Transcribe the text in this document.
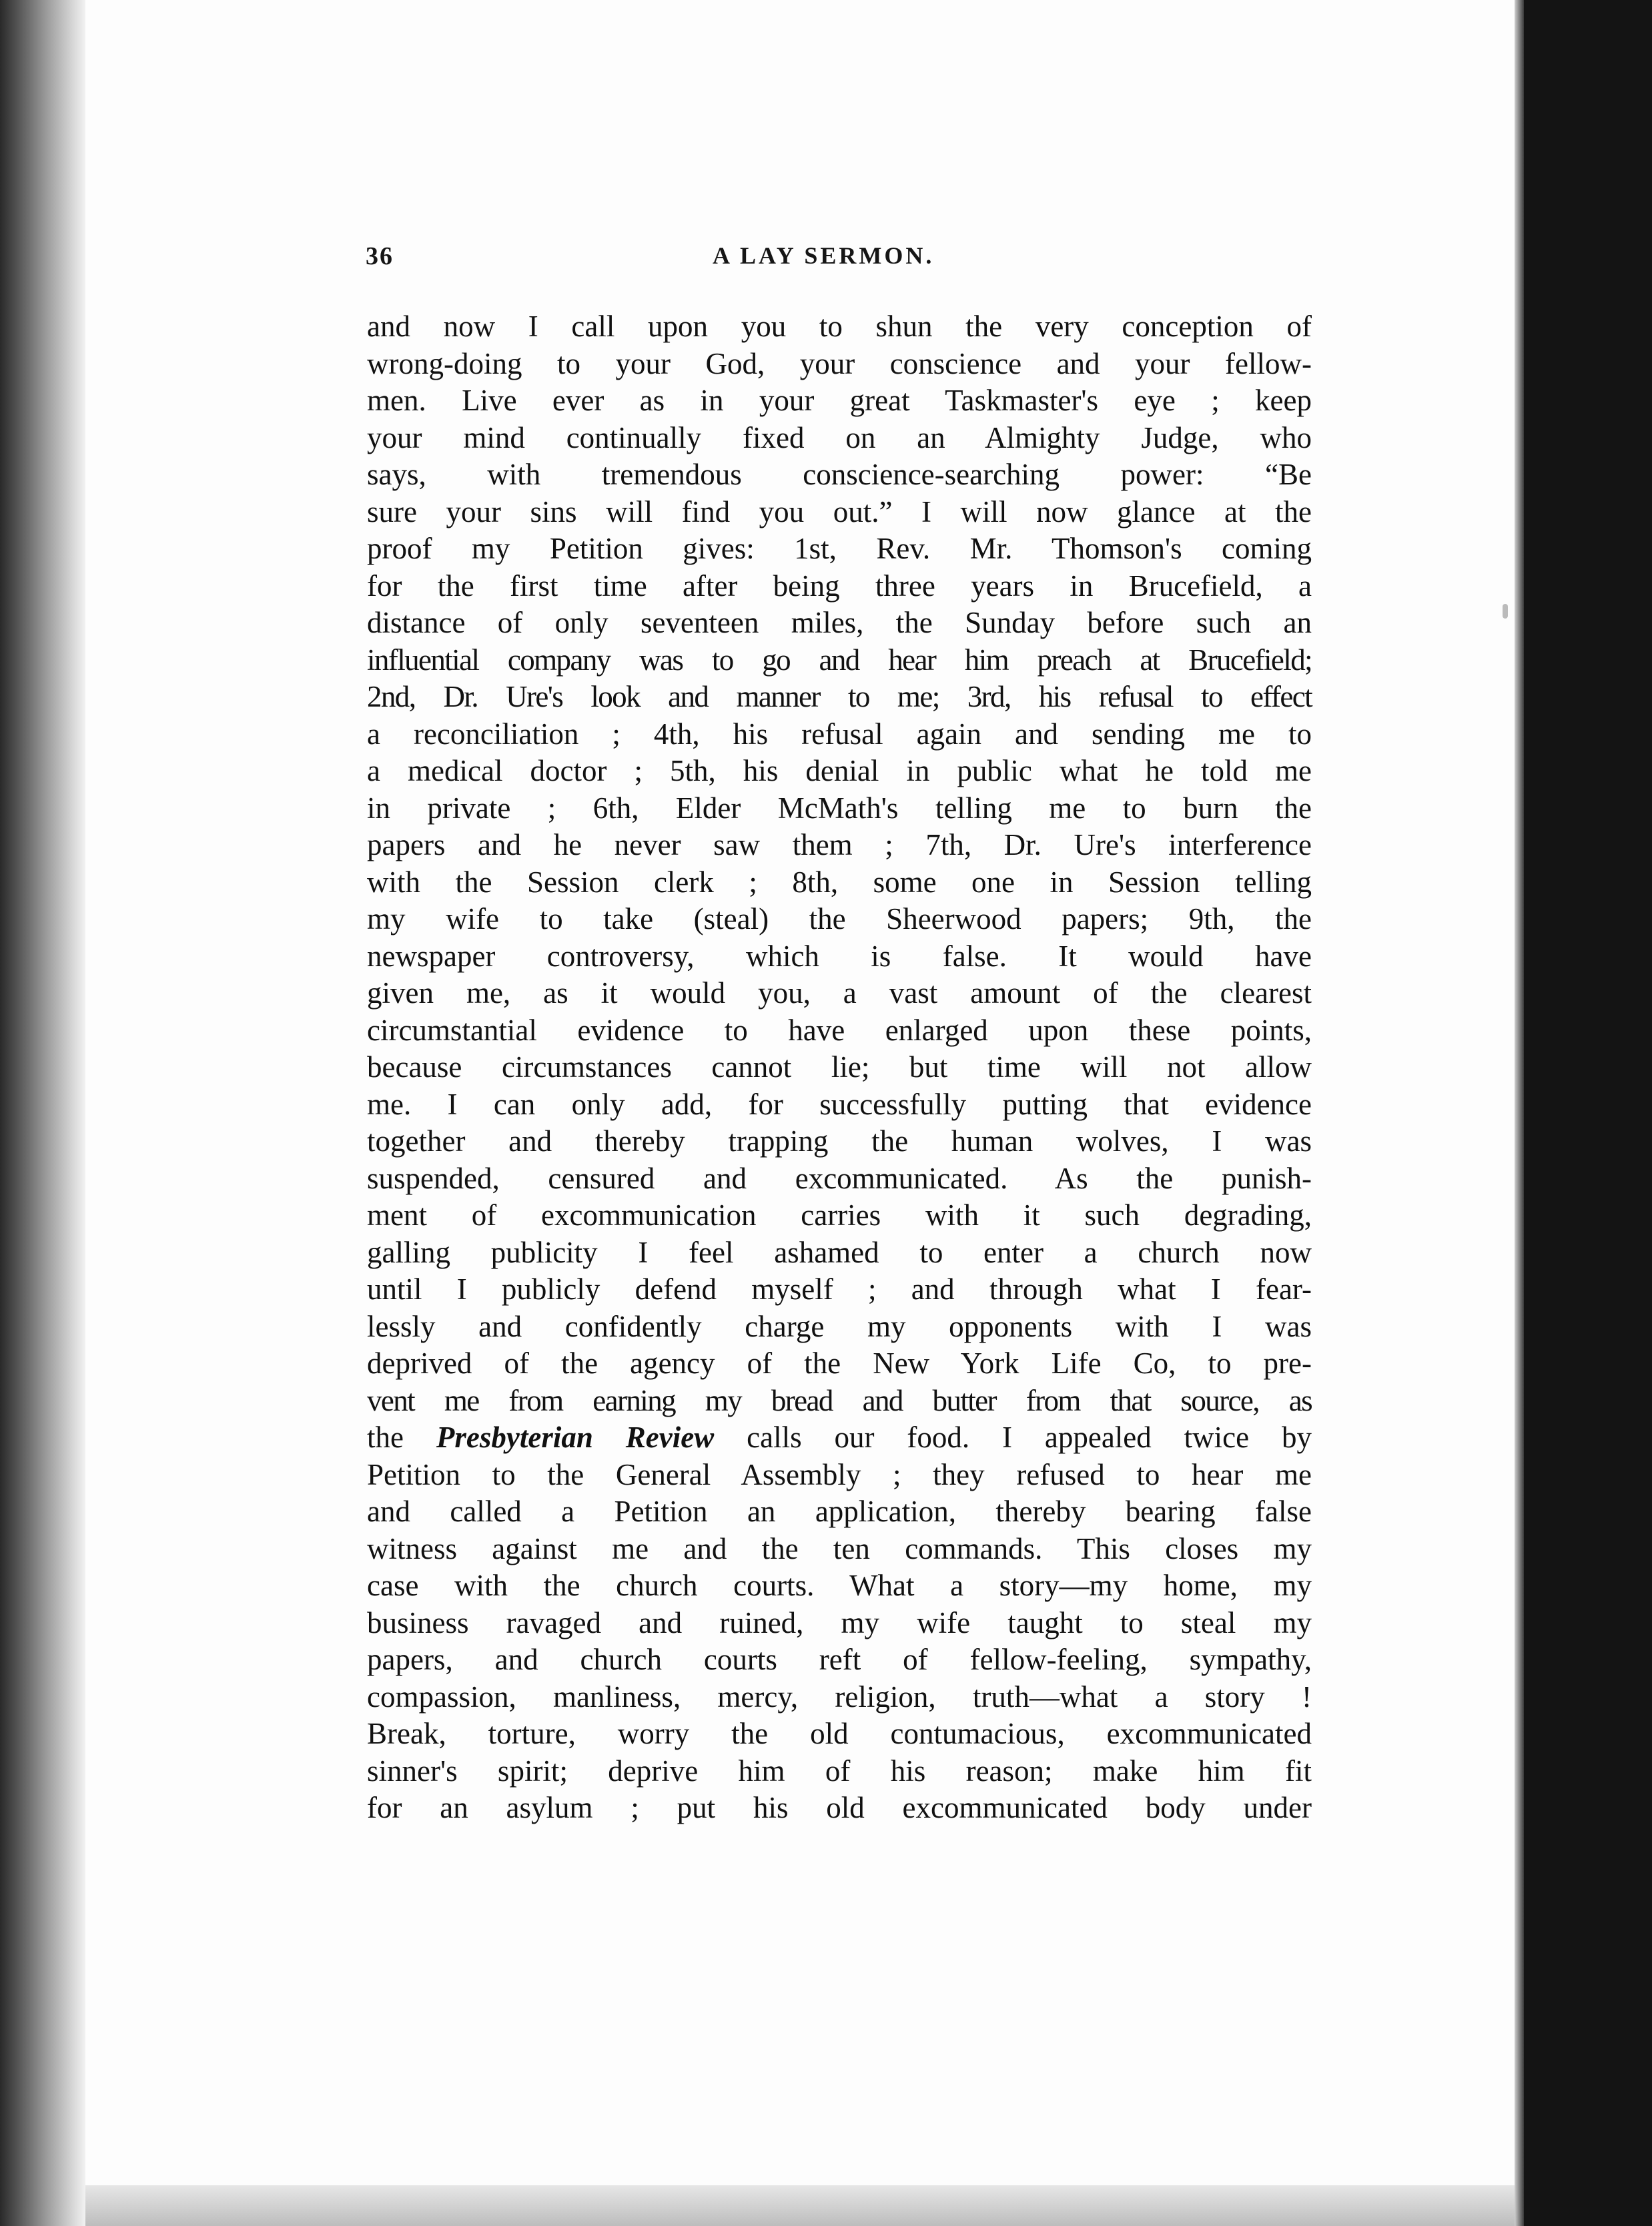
36	A LAY SERMON.
and now I call upon you to shun the very conception of
wrong-doing to your God, your conscience and your fellow-
men. Live ever as in your great Taskmaster's eye ; keep
your mind continually fixed on an Almighty Judge, who
says, with tremendous conscience-searching power: “Be
sure your sins will find you out.” I will now glance at the
proof my Petition gives: 1st, Rev. Mr. Thomson's coming
for the first time after being three years in Brucefield, a
distance of only seventeen miles, the Sunday before such an
influential company was to go and hear him preach at Brucefield;
2nd, Dr. Ure's look and manner to me; 3rd, his refusal to effect
a reconciliation ; 4th, his refusal again and sending me to
a medical doctor ; 5th, his denial in public what he told me
in private ; 6th, Elder McMath's telling me to burn the
papers and he never saw them ; 7th, Dr. Ure's interference
with the Session clerk ; 8th, some one in Session telling
my wife to take (steal) the Sheerwood papers; 9th, the
newspaper controversy, which is false. It would have
given me, as it would you, a vast amount of the clearest
circumstantial evidence to have enlarged upon these points,
because circumstances cannot lie; but time will not allow
me. I can only add, for successfully putting that evidence
together and thereby trapping the human wolves, I was
suspended, censured and excommunicated. As the punish-
ment of excommunication carries with it such degrading,
galling publicity I feel ashamed to enter a church now
until I publicly defend myself ; and through what I fear-
lessly and confidently charge my opponents with I was
deprived of the agency of the New York Life Co, to pre-
vent me from earning my bread and butter from that source, as
the Presbyterian Review calls our food. I appealed twice by
Petition to the General Assembly ; they refused to hear me
and called a Petition an application, thereby bearing false
witness against me and the ten commands. This closes my
case with the church courts. What a story—my home, my
business ravaged and ruined, my wife taught to steal my
papers, and church courts reft of fellow-feeling, sympathy,
compassion, manliness, mercy, religion, truth—what a story !
Break, torture, worry the old contumacious, excommunicated
sinner's spirit; deprive him of his reason; make him fit
for an asylum ; put his old excommunicated body under
